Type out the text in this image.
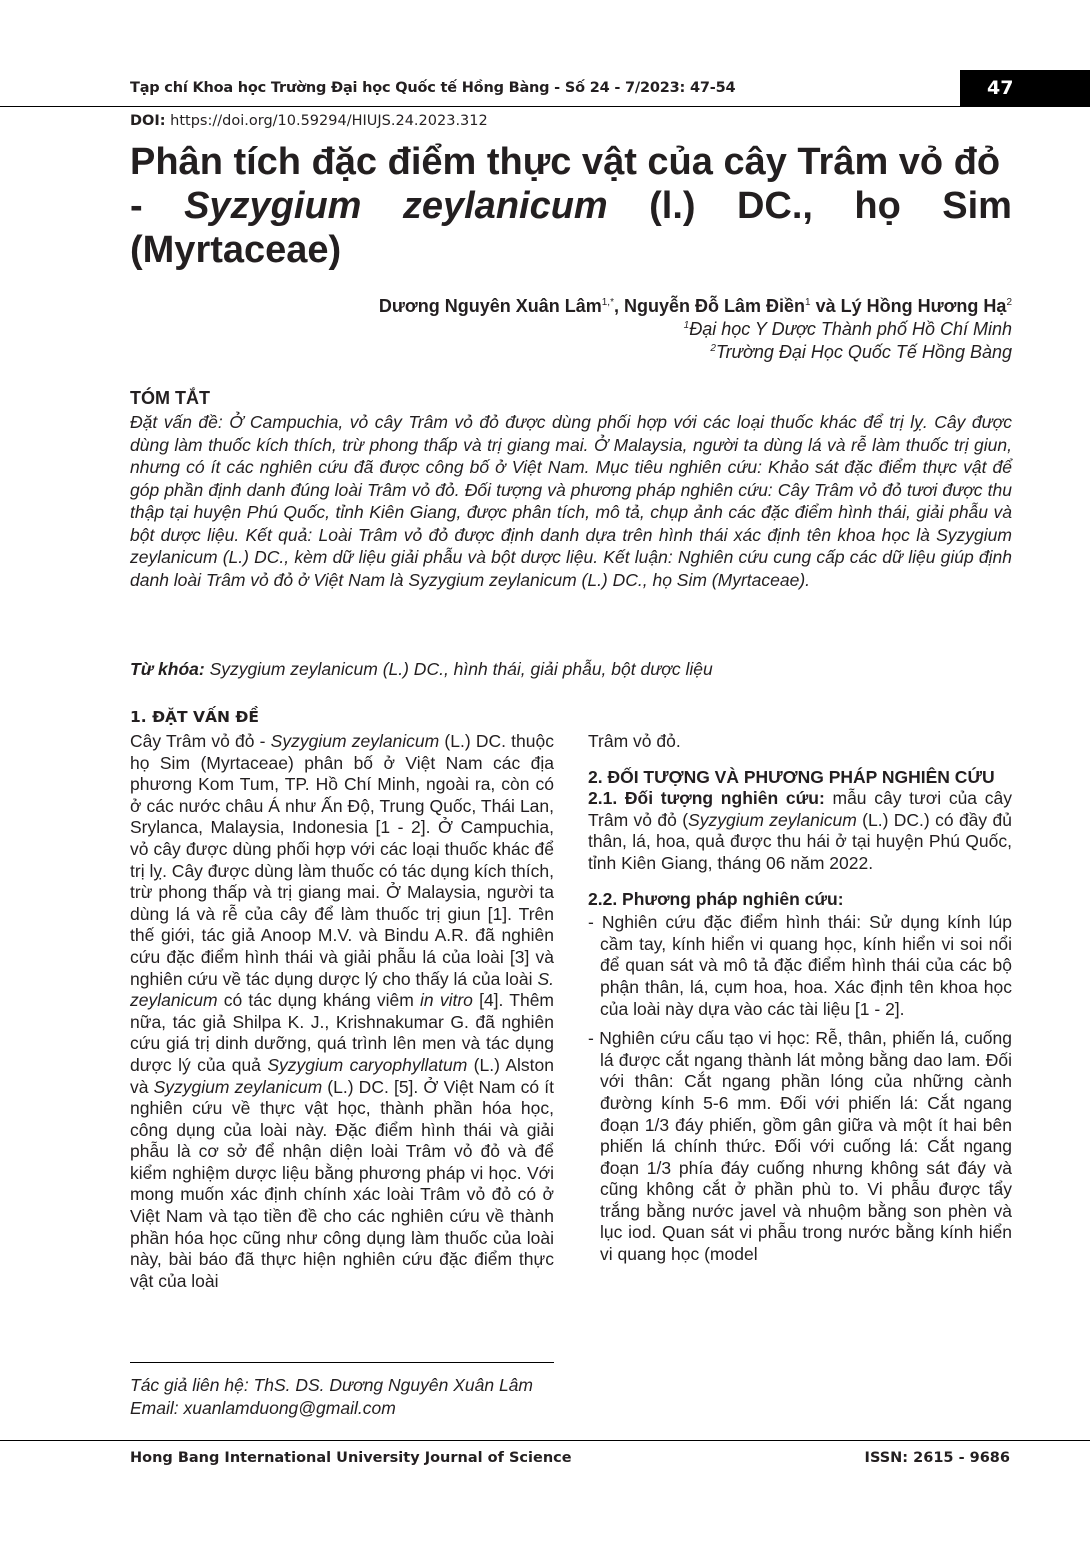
Tạp chí Khoa học Trường Đại học Quốc tế Hồng Bàng - Số 24 - 7/2023: 47-54	47
DOI: https://doi.org/10.59294/HIUJS.24.2023.312
Phân tích đặc điểm thực vật của cây Trâm vỏ đỏ
- Syzygium zeylanicum (l.) DC., họ Sim
(Myrtaceae)
Dương Nguyên Xuân Lâm$^{1,*}$, Nguyễn Đỗ Lâm Điền$^1$ và Lý Hồng Hương Hạ$^2$
$^1$Đại học Y Dược Thành phố Hồ Chí Minh
$^2$Trường Đại Học Quốc Tế Hồng Bàng
TÓM TẮT
Đặt vấn đề: Ở Campuchia, vỏ cây Trâm vỏ đỏ được dùng phối hợp với các loại thuốc khác để trị lỵ. Cây được dùng làm thuốc kích thích, trừ phong thấp và trị giang mai. Ở Malaysia, người ta dùng lá và rễ làm thuốc trị giun, nhưng có ít các nghiên cứu đã được công bố ở Việt Nam. Mục tiêu nghiên cứu: Khảo sát đặc điểm thực vật để góp phần định danh đúng loài Trâm vỏ đỏ. Đối tượng và phương pháp nghiên cứu: Cây Trâm vỏ đỏ tươi được thu thập tại huyện Phú Quốc, tỉnh Kiên Giang, được phân tích, mô tả, chụp ảnh các đặc điểm hình thái, giải phẫu và bột dược liệu. Kết quả: Loài Trâm vỏ đỏ được định danh dựa trên hình thái xác định tên khoa học là Syzygium zeylanicum (L.) DC., kèm dữ liệu giải phẫu và bột dược liệu. Kết luận: Nghiên cứu cung cấp các dữ liệu giúp định danh loài Trâm vỏ đỏ ở Việt Nam là Syzygium zeylanicum (L.) DC., họ Sim (Myrtaceae).
Từ khóa: Syzygium zeylanicum (L.) DC., hình thái, giải phẫu, bột dược liệu
1. ĐẶT VẤN ĐỀ

Cây Trâm vỏ đỏ - Syzygium zeylanicum (L.) DC. thuộc họ Sim (Myrtaceae) phân bố ở Việt Nam các địa phương Kom Tum, TP. Hồ Chí Minh, ngoài ra, còn có ở các nước châu Á như Ấn Độ, Trung Quốc, Thái Lan, Srylanca, Malaysia, Indonesia [1 - 2]. Ở Campuchia, vỏ cây được dùng phối hợp với các loại thuốc khác để trị lỵ. Cây được dùng làm thuốc có tác dụng kích thích, trừ phong thấp và trị giang mai. Ở Malaysia, người ta dùng lá và rễ của cây để làm thuốc trị giun [1]. Trên thế giới, tác giả Anoop M.V. và Bindu A.R. đã nghiên cứu đặc điểm hình thái và giải phẫu lá của loài [3] và nghiên cứu về tác dụng dược lý cho thấy lá của loài S. zeylanicum có tác dụng kháng viêm in vitro [4]. Thêm nữa, tác giả Shilpa K. J., Krishnakumar G. đã nghiên cứu giá trị dinh dưỡng, quá trình lên men và tác dụng dược lý của quả Syzygium caryophyllatum (L.) Alston và Syzygium zeylanicum (L.) DC. [5]. Ở Việt Nam có ít nghiên cứu về thực vật học, thành phần hóa học, công dụng của loài này. Đặc điểm hình thái và giải phẫu là cơ sở để nhận diện loài Trâm vỏ đỏ và để kiểm nghiệm dược liệu bằng phương pháp vi học. Với mong muốn xác định chính xác loài Trâm vỏ đỏ có ở Việt Nam và tạo tiền đề cho các nghiên cứu về thành phần hóa học cũng như công dụng làm thuốc của loài này, bài báo đã thực hiện nghiên cứu đặc điểm thực vật của loài

Tác giả liên hệ: ThS. DS. Dương Nguyên Xuân Lâm
Email: xuanlamduong@gmail.com

Trâm vỏ đỏ.

2. ĐỐI TƯỢNG VÀ PHƯƠNG PHÁP NGHIÊN CỨU

2.1. Đối tượng nghiên cứu: mẫu cây tươi của cây Trâm vỏ đỏ (Syzygium zeylanicum (L.) DC.) có đầy đủ thân, lá, hoa, quả được thu hái ở tại huyện Phú Quốc, tỉnh Kiên Giang, tháng 06 năm 2022.

2.2. Phương pháp nghiên cứu:

- Nghiên cứu đặc điểm hình thái: Sử dụng kính lúp cầm tay, kính hiển vi quang học, kính hiển vi soi nổi để quan sát và mô tả đặc điểm hình thái của các bộ phận thân, lá, cụm hoa, hoa. Xác định tên khoa học của loài này dựa vào các tài liệu [1 - 2].

- Nghiên cứu cấu tạo vi học: Rễ, thân, phiến lá, cuống lá được cắt ngang thành lát mỏng bằng dao lam. Đối với thân: Cắt ngang phần lóng của những cành đường kính 5-6 mm. Đối với phiến lá: Cắt ngang đoạn 1/3 đáy phiến, gồm gân giữa và một ít hai bên phiến lá chính thức. Đối với cuống lá: Cắt ngang đoạn 1/3 phía đáy cuống nhưng không sát đáy và cũng không cắt ở phần phù to. Vi phẫu được tẩy trắng bằng nước javel và nhuộm bằng son phèn và lục iod. Quan sát vi phẫu trong nước bằng kính hiển vi quang học (model

Hong Bang International University Journal of Science	ISSN: 2615 - 9686
